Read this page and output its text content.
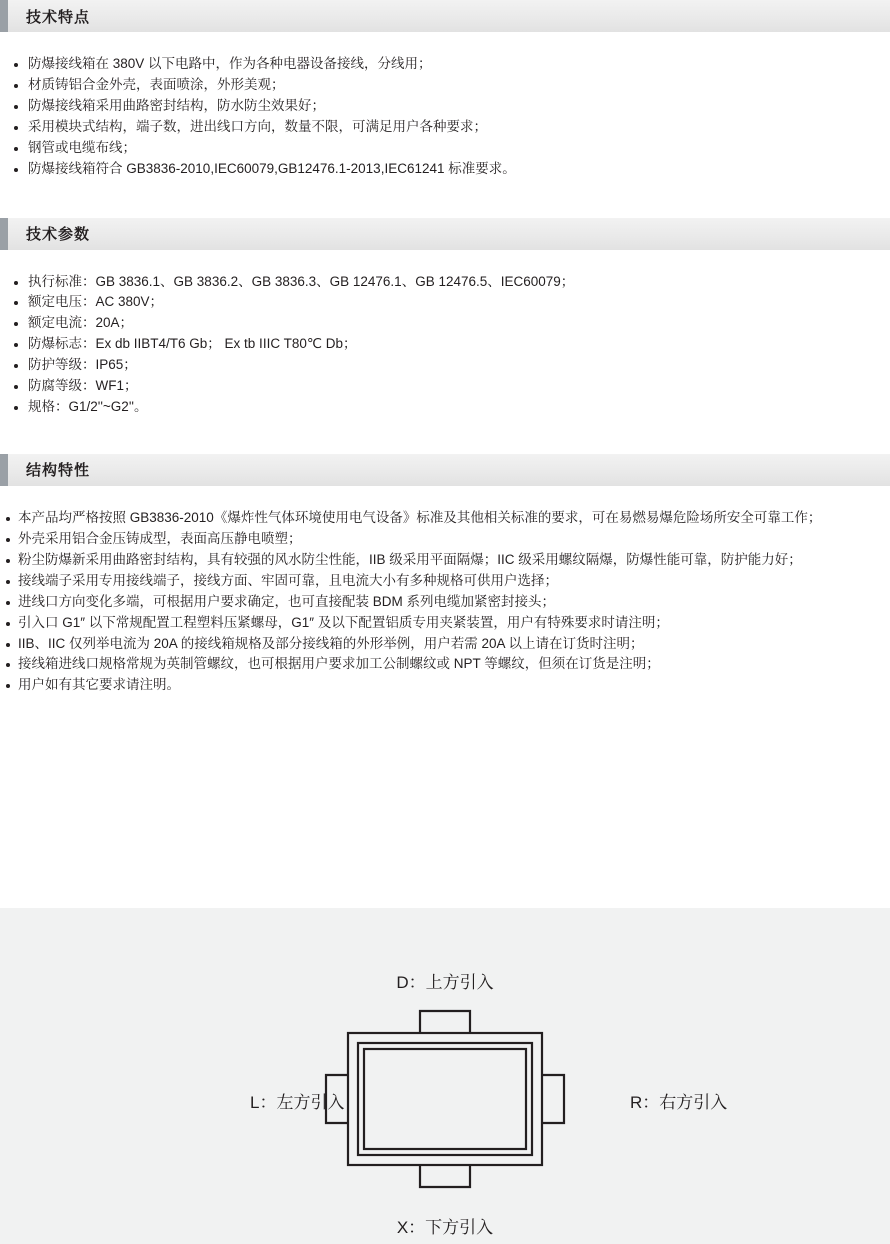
技术特点
防爆接线箱在 380V 以下电路中，作为各种电器设备接线，分线用；
材质铸铝合金外壳，表面喷涂，外形美观；
防爆接线箱采用曲路密封结构，防水防尘效果好；
采用模块式结构，端子数，进出线口方向，数量不限，可满足用户各种要求；
钢管或电缆布线；
防爆接线箱符合 GB3836-2010,IEC60079,GB12476.1-2013,IEC61241 标准要求。
技术参数
执行标准：GB 3836.1、GB 3836.2、GB 3836.3、GB 12476.1、GB 12476.5、IEC60079；
额定电压：AC 380V；
额定电流：20A；
防爆标志：Ex db IIBT4/T6 Gb； Ex tb IIIC T80℃ Db；
防护等级：IP65；
防腐等级：WF1；
规格：G1/2''~G2''。
结构特性
本产品均严格按照 GB3836-2010《爆炸性气体环境使用电气设备》标准及其他相关标准的要求，可在易燃易爆危险场所安全可靠工作；
外壳采用铝合金压铸成型，表面高压静电喷塑；
粉尘防爆新采用曲路密封结构，具有较强的风水防尘性能，IIB 级采用平面隔爆；IIC 级采用螺纹隔爆，防爆性能可靠，防护能力好；
接线端子采用专用接线端子，接线方面、牢固可靠，且电流大小有多种规格可供用户选择；
进线口方向变化多端，可根据用户要求确定，也可直接配装 BDM 系列电缆加紧密封接头；
引入口 G1″ 以下常规配置工程塑料压紧螺母，G1″ 及以下配置铝质专用夹紧装置，用户有特殊要求时请注明；
IIB、IIC 仅列举电流为 20A 的接线箱规格及部分接线箱的外形举例，用户若需 20A 以上请在订货时注明；
接线箱进线口规格常规为英制管螺纹，也可根据用户要求加工公制螺纹或 NPT 等螺纹，但须在订货是注明；
用户如有其它要求请注明。
D：上方引入
L：左方引入	R：右方引入
X：下方引入
